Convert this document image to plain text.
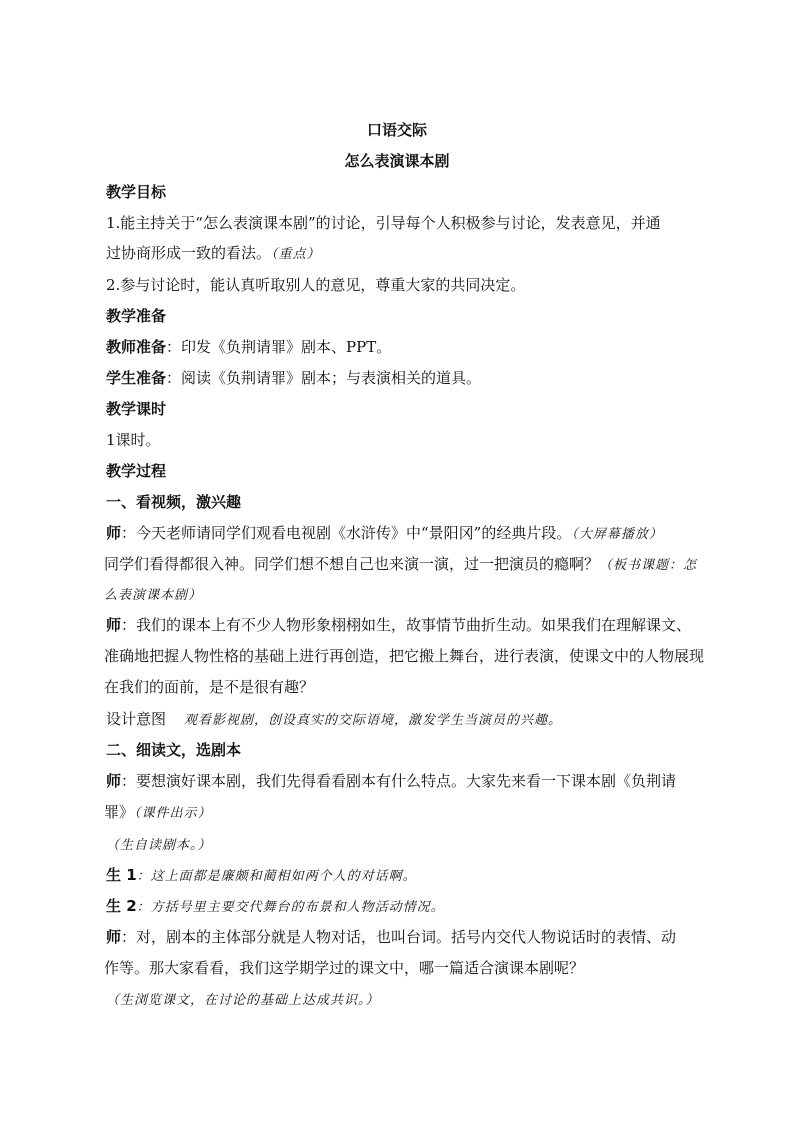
口语交际
怎么表演课本剧
教学目标
1.能主持关于“怎么表演课本剧”的讨论，引导每个人积极参与讨论，发表意见，并通
过协商形成一致的看法。（重点）
2.参与讨论时，能认真听取别人的意见，尊重大家的共同决定。
教学准备
教师准备：印发《负荆请罪》剧本、PPT。
学生准备：阅读《负荆请罪》剧本；与表演相关的道具。
教学课时
1课时。
教学过程
一、看视频，激兴趣
师：今天老师请同学们观看电视剧《水浒传》中“景阳冈”的经典片段。（大屏幕播放）
同学们看得都很入神。同学们想不想自己也来演一演，过一把演员的瘾啊？（板书课题：怎
么表演课本剧）
师：我们的课本上有不少人物形象栩栩如生，故事情节曲折生动。如果我们在理解课文、
准确地把握人物性格的基础上进行再创造，把它搬上舞台，进行表演，使课文中的人物展现
在我们的面前，是不是很有趣？
设计意图 观看影视剧，创设真实的交际语境，激发学生当演员的兴趣。
二、细读文，选剧本
师：要想演好课本剧，我们先得看看剧本有什么特点。大家先来看一下课本剧《负荆请
罪》（课件出示）
（生自读剧本。）
生 1：这上面都是廉颇和蔺相如两个人的对话啊。
生 2：方括号里主要交代舞台的布景和人物活动情况。
师：对，剧本的主体部分就是人物对话，也叫台词。括号内交代人物说话时的表情、动
作等。那大家看看，我们这学期学过的课文中，哪一篇适合演课本剧呢？
（生浏览课文，在讨论的基础上达成共识。）
